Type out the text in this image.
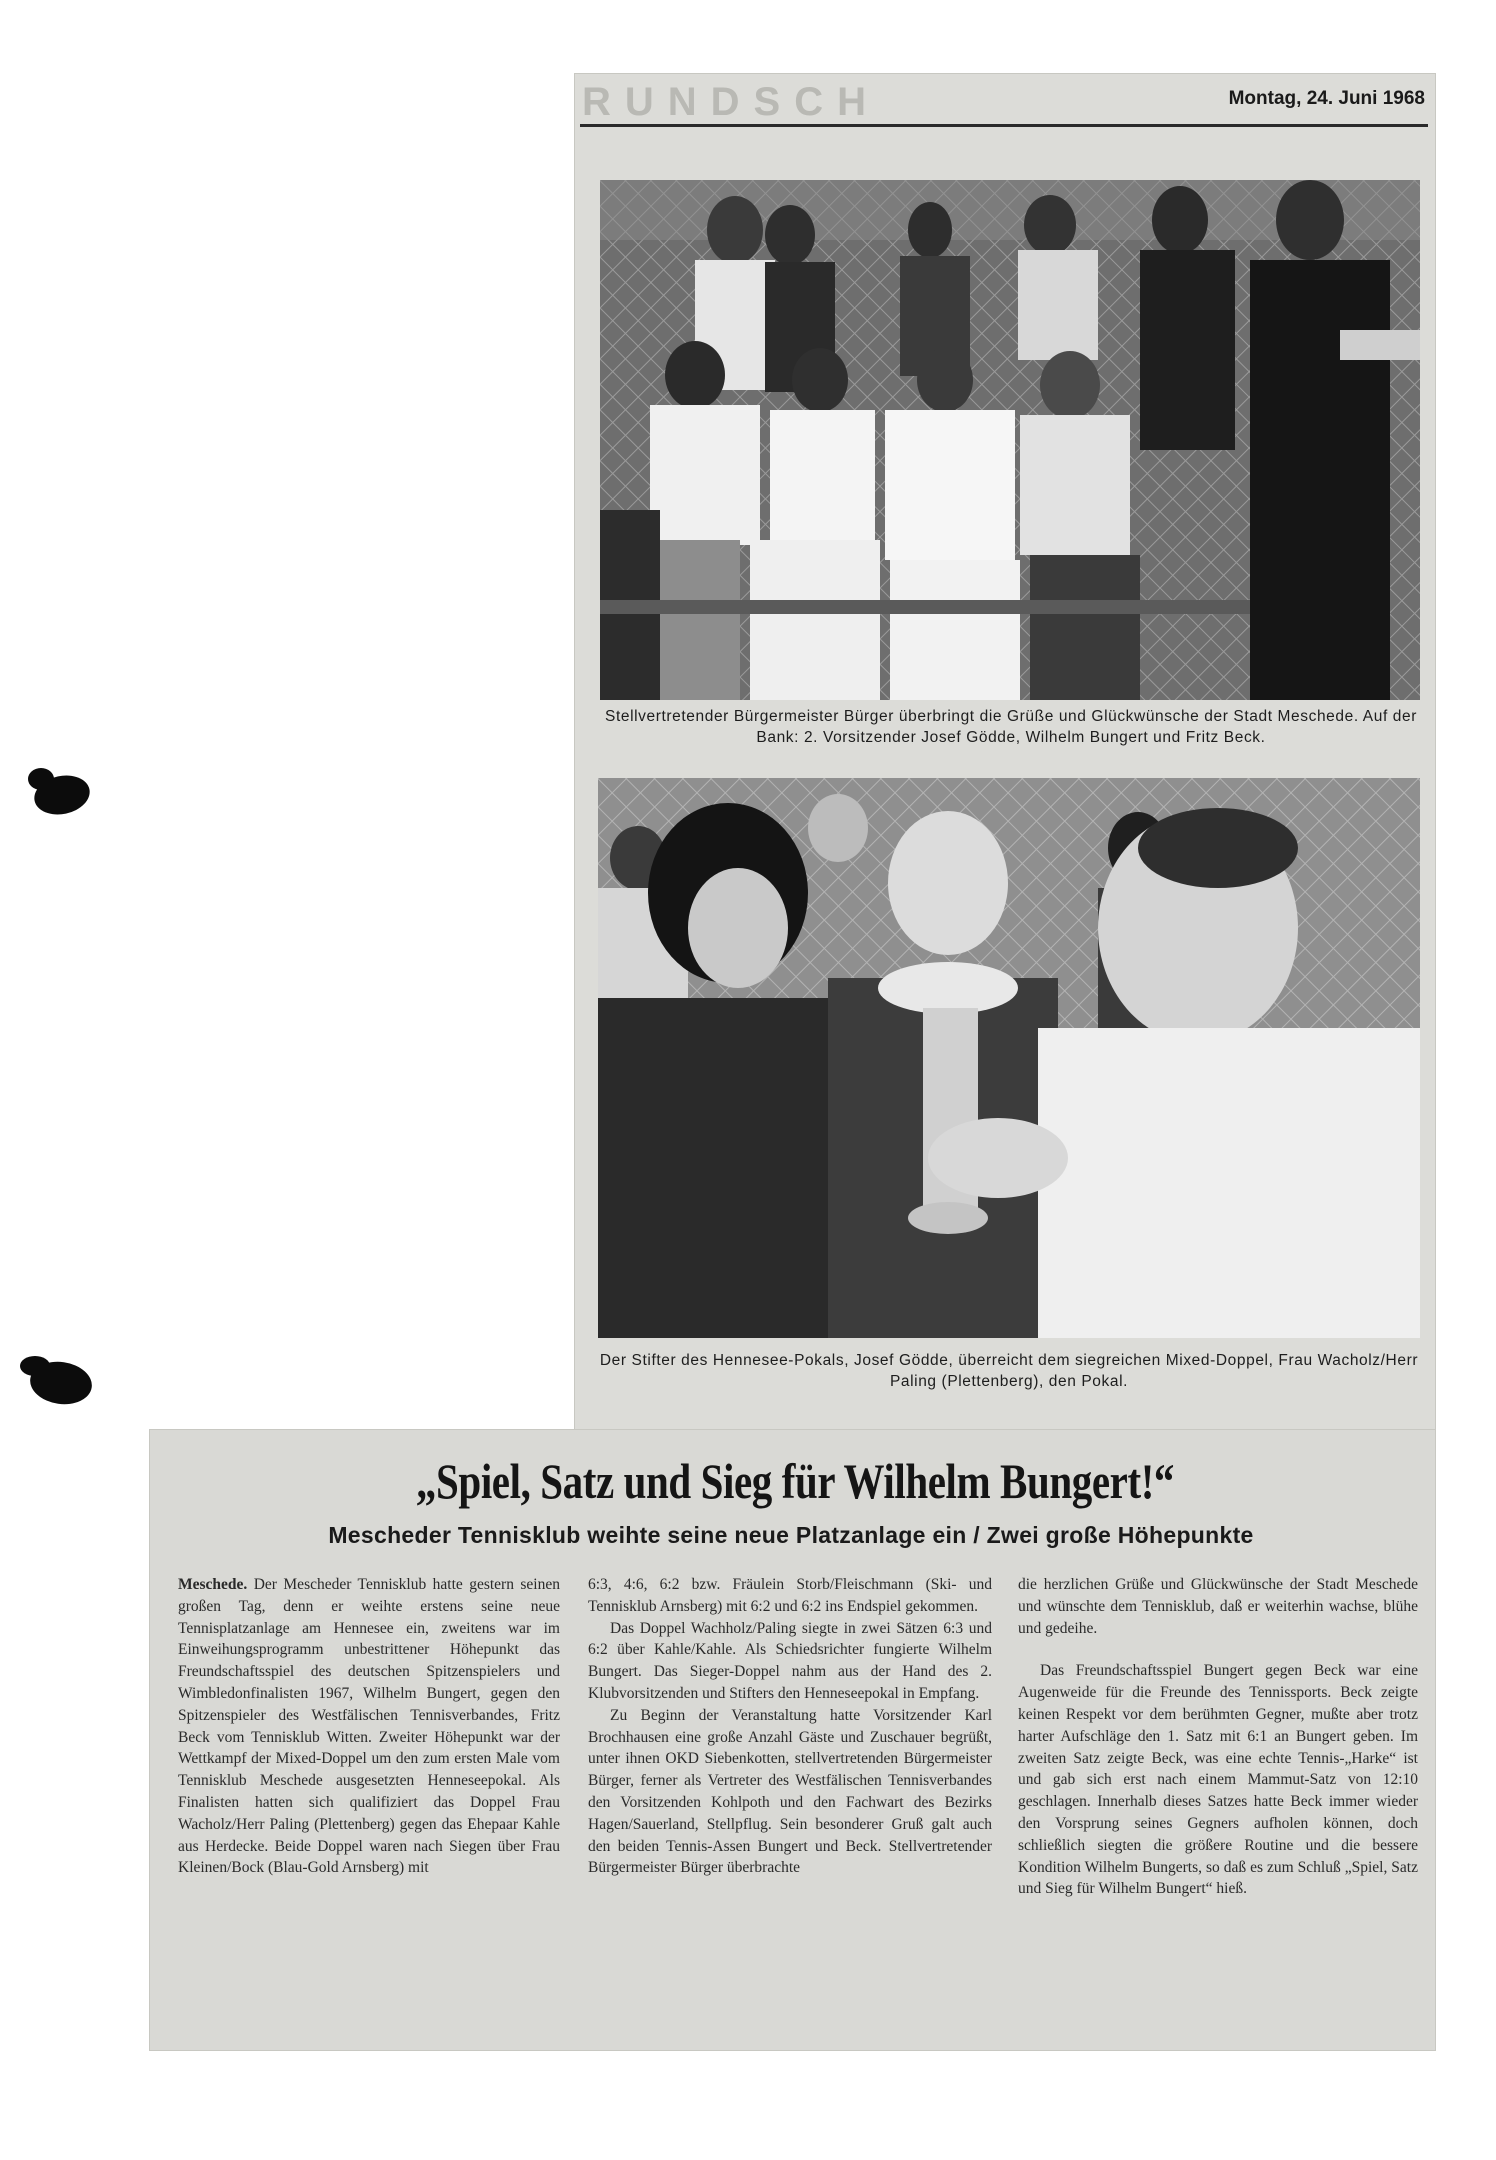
RUNDSCH	Montag, 24. Juni 1968
Stellvertretender Bürgermeister Bürger überbringt die Grüße und Glückwünsche der Stadt Meschede. Auf der Bank: 2. Vorsitzender Josef Gödde, Wilhelm Bungert und Fritz Beck.
Der Stifter des Hennesee-Pokals, Josef Gödde, überreicht dem siegreichen Mixed-Doppel, Frau Wacholz/Herr Paling (Plettenberg), den Pokal.
„Spiel, Satz und Sieg für Wilhelm Bungert!“
Mescheder Tennisklub weihte seine neue Platzanlage ein / Zwei große Höhepunkte

Meschede. Der Mescheder Tennisklub hatte gestern seinen großen Tag, denn er weihte erstens seine neue Tennisplatzanlage am Hennesee ein, zweitens war im Einweihungsprogramm unbestrittener Höhepunkt das Freundschaftsspiel des deutschen Spitzenspielers und Wimbledonfinalisten 1967, Wilhelm Bungert, gegen den Spitzenspieler des Westfälischen Tennisverbandes, Fritz Beck vom Tennisklub Witten. Zweiter Höhepunkt war der Wettkampf der Mixed-Doppel um den zum ersten Male vom Tennisklub Meschede ausgesetzten Henneseepokal. Als Finalisten hatten sich qualifiziert das Doppel Frau Wacholz/Herr Paling (Plettenberg) gegen das Ehepaar Kahle aus Herdecke. Beide Doppel waren nach Siegen über Frau Kleinen/Bock (Blau-Gold Arnsberg) mit

6:3, 4:6, 6:2 bzw. Fräulein Storb/Fleischmann (Ski- und Tennisklub Arnsberg) mit 6:2 und 6:2 ins Endspiel gekommen.

Das Doppel Wachholz/Paling siegte in zwei Sätzen 6:3 und 6:2 über Kahle/Kahle. Als Schiedsrichter fungierte Wilhelm Bungert. Das Sieger-Doppel nahm aus der Hand des 2. Klubvorsitzenden und Stifters den Henneseepokal in Empfang.

Zu Beginn der Veranstaltung hatte Vorsitzender Karl Brochhausen eine große Anzahl Gäste und Zuschauer begrüßt, unter ihnen OKD Siebenkotten, stellvertretenden Bürgermeister Bürger, ferner als Vertreter des Westfälischen Tennisverbandes den Vorsitzenden Kohlpoth und den Fachwart des Bezirks Hagen/Sauerland, Stellpflug. Sein besonderer Gruß galt auch den beiden Tennis-Assen Bungert und Beck. Stellvertretender Bürgermeister Bürger überbrachte

die herzlichen Grüße und Glückwünsche der Stadt Meschede und wünschte dem Tennisklub, daß er weiterhin wachse, blühe und gedeihe.

Das Freundschaftsspiel Bungert gegen Beck war eine Augenweide für die Freunde des Tennissports. Beck zeigte keinen Respekt vor dem berühmten Gegner, mußte aber trotz harter Aufschläge den 1. Satz mit 6:1 an Bungert geben. Im zweiten Satz zeigte Beck, was eine echte Tennis-„Harke“ ist und gab sich erst nach einem Mammut-Satz von 12:10 geschlagen. Innerhalb dieses Satzes hatte Beck immer wieder den Vorsprung seines Gegners aufholen können, doch schließlich siegten die größere Routine und die bessere Kondition Wilhelm Bungerts, so daß es zum Schluß „Spiel, Satz und Sieg für Wilhelm Bungert“ hieß.
